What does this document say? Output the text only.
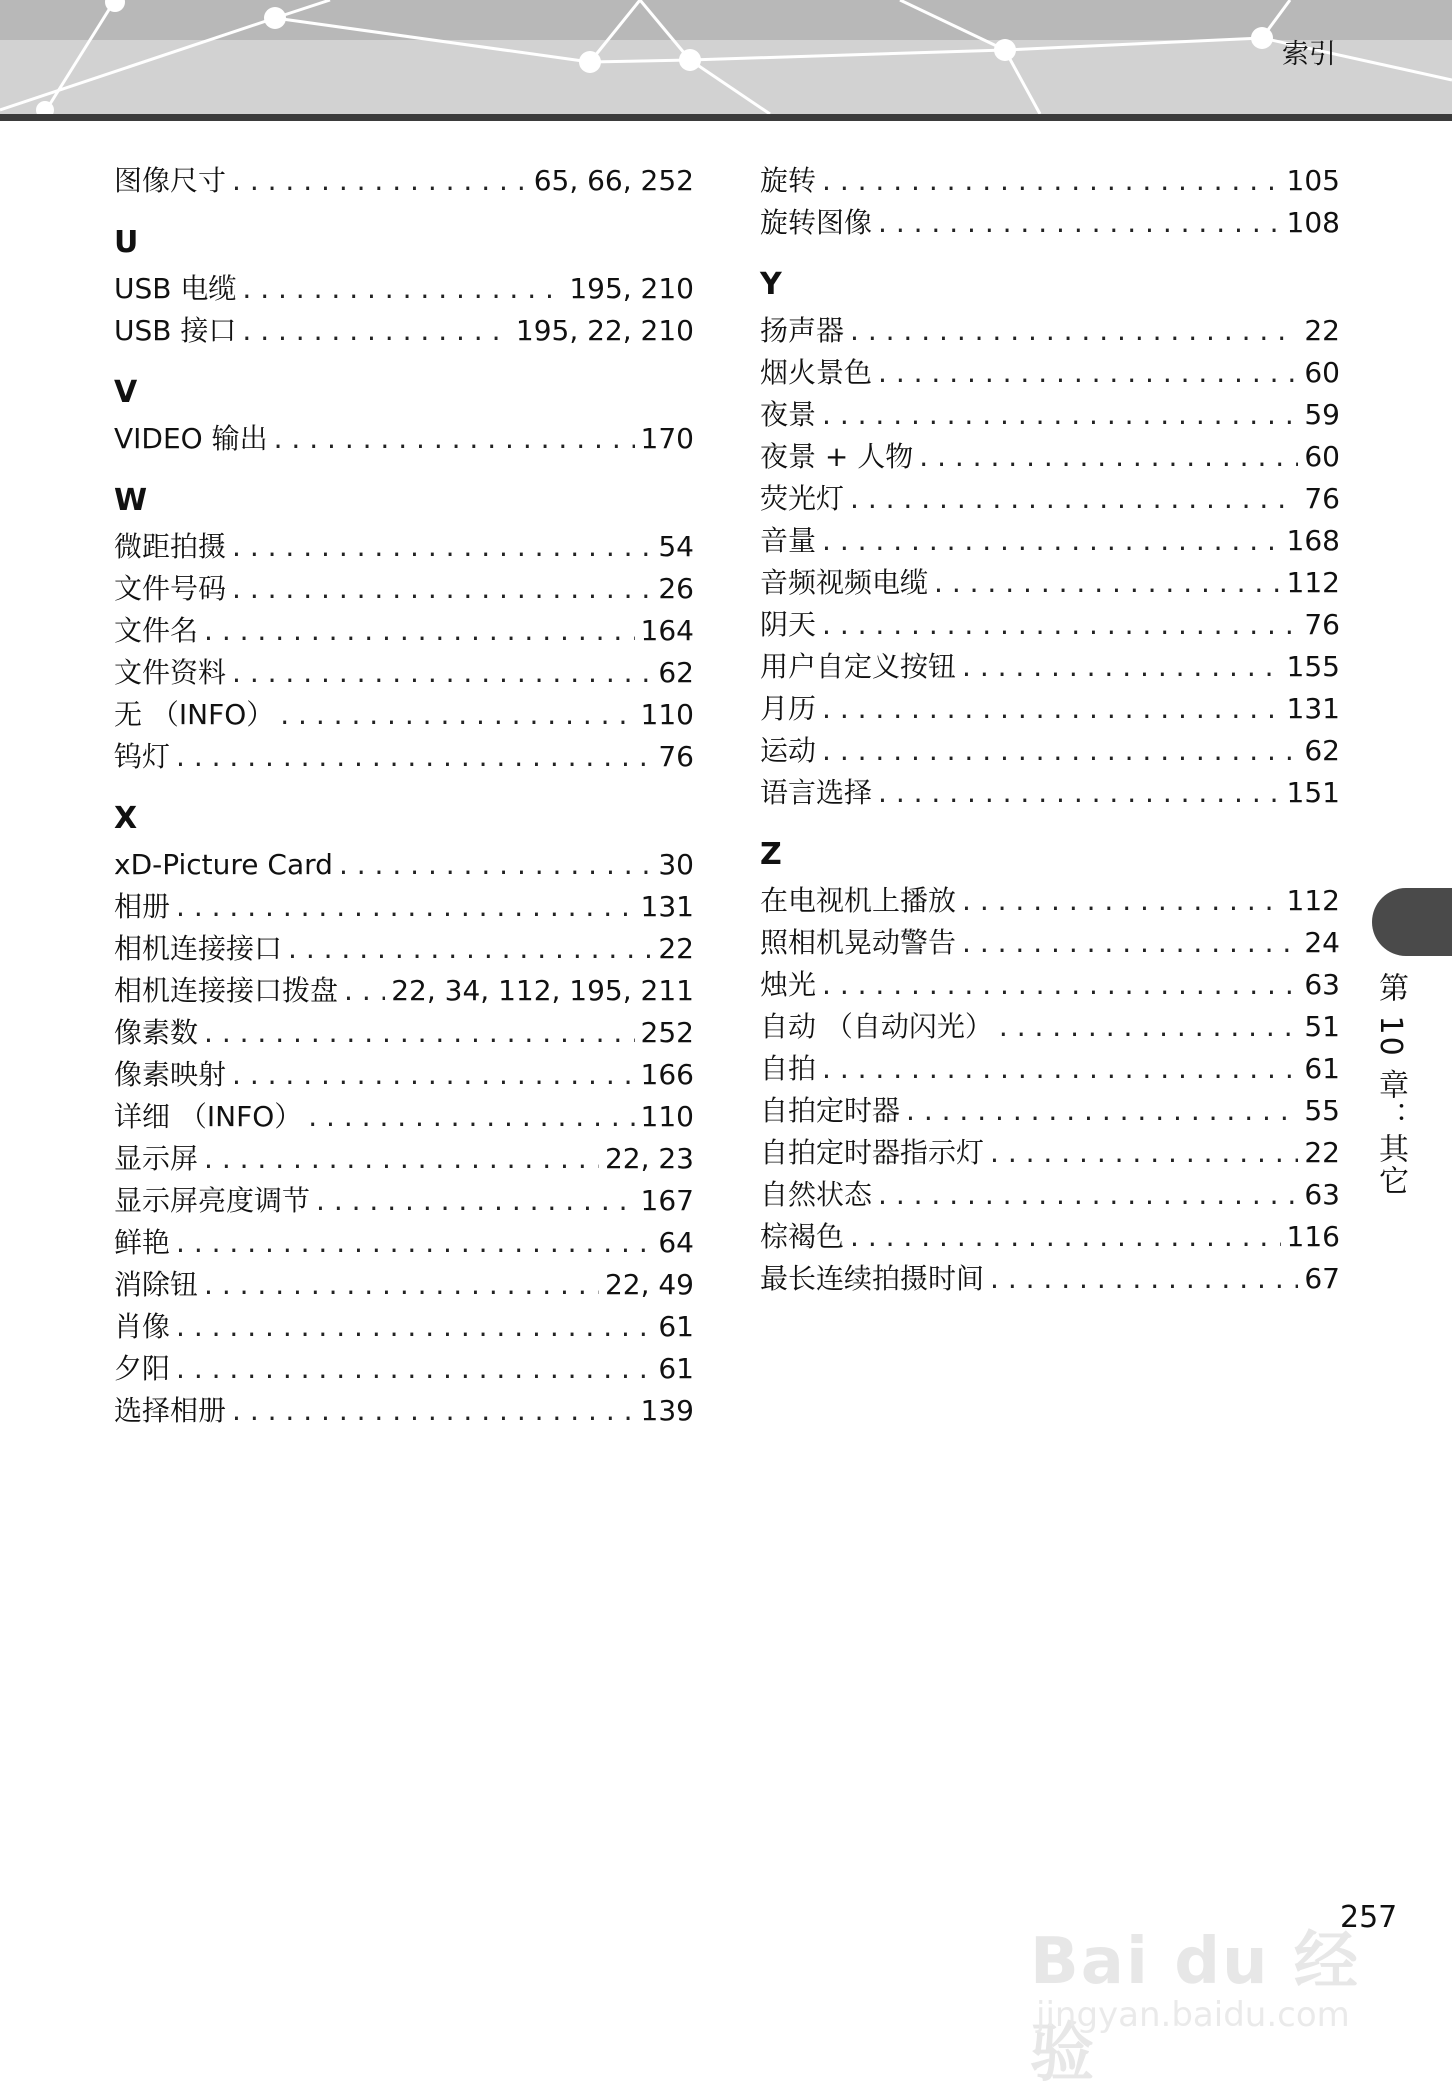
索引
图像尺寸 . . .	65, 66, 252
U
USB 电缆 . . .	195, 210
USB 接口 . . .	195, 22, 210
V
VIDEO 输出 . . .	170
W
微距拍摄 . . .	54
文件号码 . . .	26
文件名 . . .	164
文件资料 . . .	62
无 （INFO） . . .	110
钨灯 . . .	76
X
xD-Picture Card . . .	30
相册 . . .	131
相机连接接口 . . .	22
相机连接接口拨盘 . . . 22, 34, 112, 195, 211
像素数 . . .	252
像素映射 . . .	166
详细 （INFO） . . .	110
显示屏 . . .	22, 23
显示屏亮度调节 . . .	167
鲜艳 . . .	64
消除钮 . . .	22, 49
肖像 . . .	61
夕阳 . . .	61
选择相册 . . .	139
旋转 . . .	105
旋转图像 . . .	108
Y
扬声器 . . .	22
烟火景色 . . .	60
夜景 . . .	59
夜景 + 人物 . . .	60
荧光灯 . . .	76
音量 . . .	168
音频视频电缆 . . .	112
阴天 . . .	76
用户自定义按钮 . . .	155
月历 . . .	131
运动 . . .	62
语言选择 . . .	151
Z
在电视机上播放 . . .	112
照相机晃动警告 . . .	24
烛光 . . .	63
自动 （自动闪光） . . .	51
自拍 . . .	61
自拍定时器 . . .	55
自拍定时器指示灯 . . .	22
自然状态 . . .	63
棕褐色 . . .	116
最长连续拍摄时间 . . .	67
第 10 章：其它
Bai du 经验
jingyan.baidu.com
257
